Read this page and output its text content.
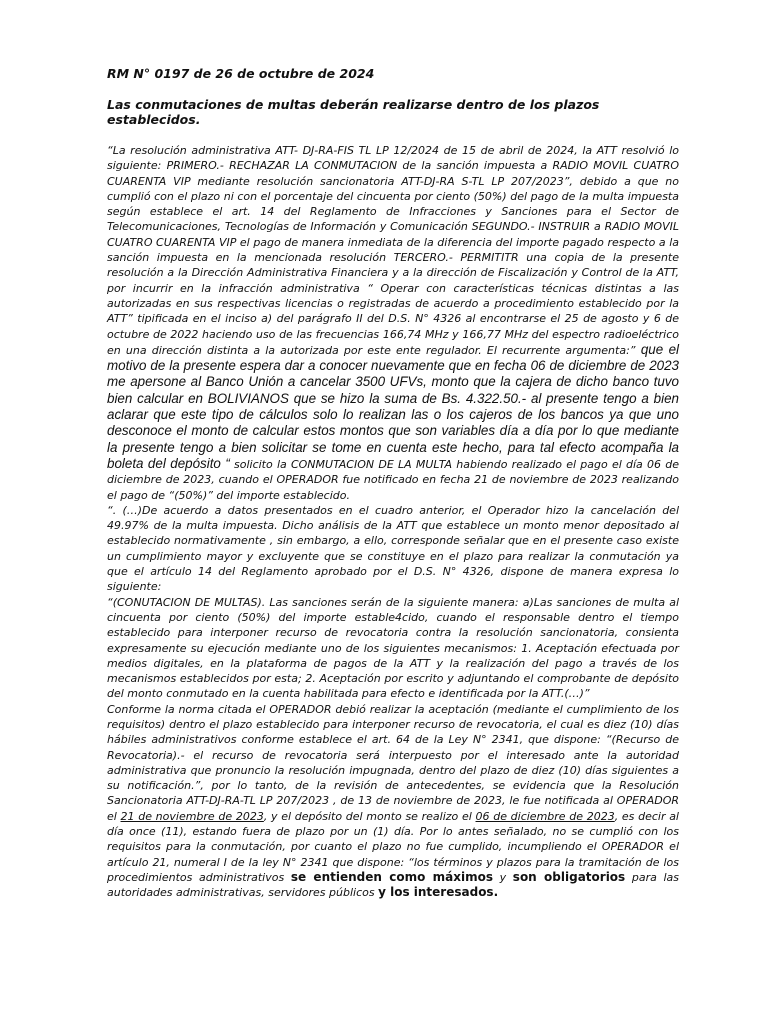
RM N° 0197 de 26 de octubre de 2024

Las conmutaciones de multas deberán realizarse dentro de los plazos establecidos.

“La resolución administrativa ATT- DJ-RA-FIS TL LP 12/2024 de 15 de abril de 2024, la ATT resolvió lo siguiente: PRIMERO.- RECHAZAR LA CONMUTACION de la sanción impuesta a RADIO MOVIL CUATRO CUARENTA VIP mediante resolución sancionatoria ATT-DJ-RA S-TL LP 207/2023”, debido a que no cumplió con el plazo ni con el porcentaje del cincuenta por ciento (50%) del pago de la multa impuesta según establece el art. 14 del Reglamento de Infracciones y Sanciones para el Sector de Telecomunicaciones, Tecnologías de Información y Comunicación SEGUNDO.- INSTRUIR a RADIO MOVIL CUATRO CUARENTA VIP el pago de manera inmediata de la diferencia del importe pagado respecto a la sanción impuesta en la mencionada resolución TERCERO.- PERMITITR una copia de la presente resolución a la Dirección Administrativa Financiera y a la dirección de Fiscalización y Control de la ATT, por incurrir en la infracción administrativa “ Operar con características técnicas distintas a las autorizadas en sus respectivas licencias o registradas de acuerdo a procedimiento establecido por la ATT” tipificada en el inciso a) del parágrafo II del D.S. N° 4326 al encontrarse el 25 de agosto y 6 de octubre de 2022 haciendo uso de las frecuencias 166,74 MHz y 166,77 MHz del espectro radioeléctrico en una dirección distinta a la autorizada por este ente regulador. El recurrente argumenta:” que el motivo de la presente espera dar a conocer nuevamente que en fecha 06 de diciembre de 2023 me apersone al Banco Unión a cancelar 3500 UFVs, monto que la cajera de dicho banco tuvo bien calcular en BOLIVIANOS que se hizo la suma de Bs. 4.322.50.- al presente tengo a bien aclarar que este tipo de cálculos solo lo realizan las o los cajeros de los bancos ya que uno desconoce el monto de calcular estos montos que son variables día a día por lo que mediante la presente tengo a bien solicitar se tome en cuenta este hecho, para tal efecto acompaña la boleta del depósito “ solicito la CONMUTACION DE LA MULTA habiendo realizado el pago el día 06 de diciembre de 2023, cuando el OPERADOR fue notificado en fecha 21 de noviembre de 2023 realizando el pago de “(50%)” del importe establecido.

“. (…)De acuerdo a datos presentados en el cuadro anterior, el Operador hizo la cancelación del 49.97% de la multa impuesta. Dicho análisis de la ATT que establece un monto menor depositado al establecido normativamente , sin embargo, a ello, corresponde señalar que en el presente caso existe un cumplimiento mayor y excluyente que se constituye en el plazo para realizar la conmutación ya que el artículo 14 del Reglamento aprobado por el D.S. N° 4326, dispone de manera expresa lo siguiente:

“(CONUTACION DE MULTAS). Las sanciones serán de la siguiente manera: a)Las sanciones de multa al cincuenta por ciento (50%) del importe estable4cido, cuando el responsable dentro el tiempo establecido para interponer recurso de revocatoria contra la resolución sancionatoria, consienta expresamente su ejecución mediante uno de los siguientes mecanismos: 1. Aceptación efectuada por medios digitales, en la plataforma de pagos de la ATT y la realización del pago a través de los mecanismos establecidos por esta; 2. Aceptación por escrito y adjuntando el comprobante de depósito del monto conmutado en la cuenta habilitada para efecto e identificada por la ATT.(…)”

Conforme la norma citada el OPERADOR debió realizar la aceptación (mediante el cumplimiento de los requisitos) dentro el plazo establecido para interponer recurso de revocatoria, el cual es diez (10) días hábiles administrativos conforme establece el art. 64 de la Ley N° 2341, que dispone: “(Recurso de Revocatoria).- el recurso de revocatoria será interpuesto por el interesado ante la autoridad administrativa que pronuncio la resolución impugnada, dentro del plazo de diez (10) días siguientes a su notificación.”, por lo tanto, de la revisión de antecedentes, se evidencia que la Resolución Sancionatoria ATT-DJ-RA-TL LP 207/2023 , de 13 de noviembre de 2023, le fue notificada al OPERADOR el 21 de noviembre de 2023, y el depósito del monto se realizo el 06 de diciembre de 2023, es decir al día once (11), estando fuera de plazo por un (1) día. Por lo antes señalado, no se cumplió con los requisitos para la conmutación, por cuanto el plazo no fue cumplido, incumpliendo el OPERADOR el artículo 21, numeral I de la ley N° 2341 que dispone: “los términos y plazos para la tramitación de los procedimientos administrativos se entienden como máximos y son obligatorios para las autoridades administrativas, servidores públicos y los interesados.
